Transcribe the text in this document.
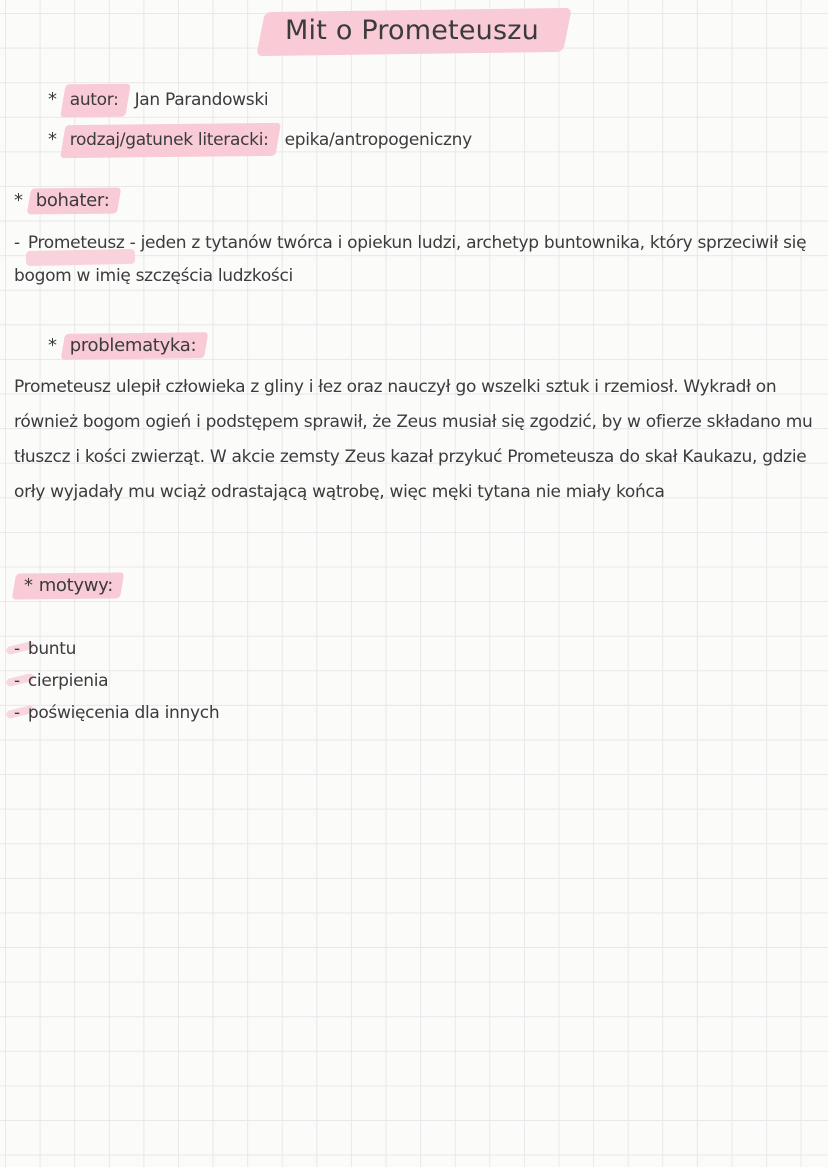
Mit o Prometeuszu
* autor: Jan Parandowski
* rodzaj/gatunek literacki: epika/antropogeniczny
* bohater:
- Prometeusz - jeden z tytanów twórca i opiekun ludzi, archetyp buntownika, który sprzeciwił się bogom w imię szczęścia ludzkości
* problematyka:
Prometeusz ulepił człowieka z gliny i łez oraz nauczył go wszelki sztuk i rzemiosł. Wykradł on również bogom ogień i podstępem sprawił, że Zeus musiał się zgodzić, by w ofierze składano mu tłuszcz i kości zwierząt. W akcie zemsty Zeus kazał przykuć Prometeusza do skał Kaukazu, gdzie orły wyjadały mu wciąż odrastającą wątrobę, więc męki tytana nie miały końca
* motywy:
- buntu
- cierpienia
- poświęcenia dla innych
